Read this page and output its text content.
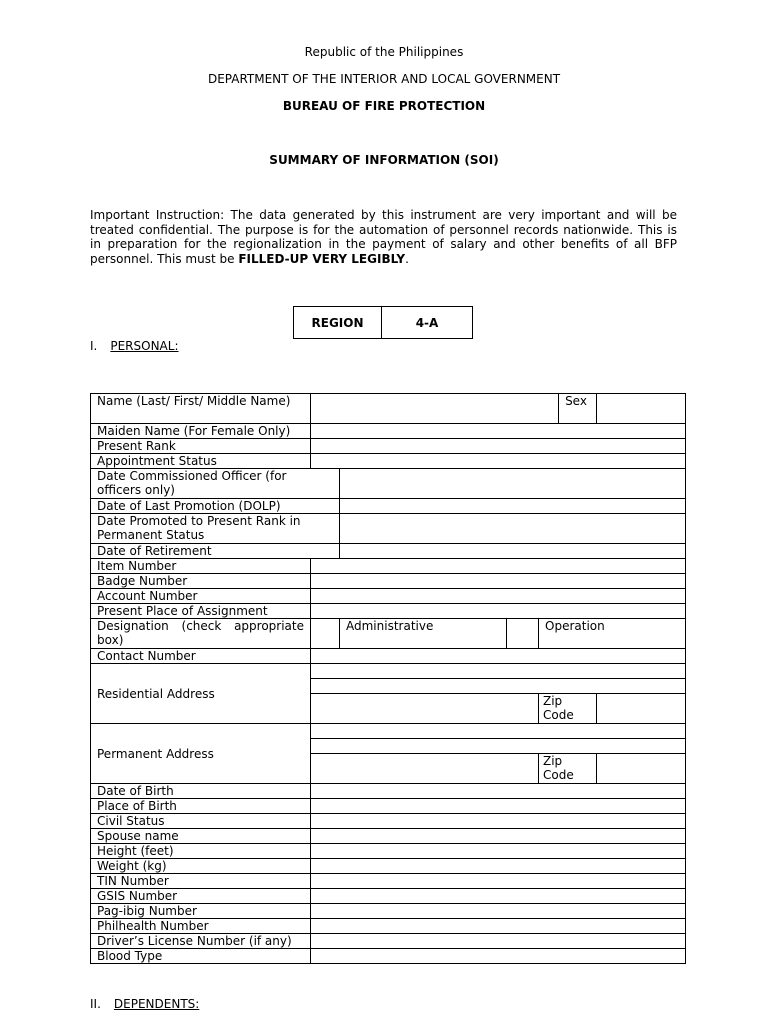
Republic of the Philippines
DEPARTMENT OF THE INTERIOR AND LOCAL GOVERNMENT
BUREAU OF FIRE PROTECTION
SUMMARY OF INFORMATION (SOI)
Important Instruction: The data generated by this instrument are very important and will be treated confidential. The purpose is for the automation of personnel records nationwide. This is in preparation for the regionalization in the payment of salary and other benefits of all BFP personnel. This must be FILLED-UP VERY LEGIBLY.
REGION	4-A
I. PERSONAL:
Name (Last/ First/ Middle Name)					Sex	
Maiden Name (For Female Only)						
Present Rank						
Appointment Status						
Date Commissioned Officer (for officers only)						
Date of Last Promotion (DOLP)						
Date Promoted to Present Rank in Permanent Status						
Date of Retirement						
Item Number						
Badge Number						
Account Number						
Present Place of Assignment						
Designation (check appropriate box)		Administrative		Operation		
Contact Number						
Residential Address						

				Zip Code		
Permanent Address						

				Zip Code		
Date of Birth						
Place of Birth						
Civil Status						
Spouse name						
Height (feet)						
Weight (kg)						
TIN Number						
GSIS Number						
Pag-ibig Number						
Philhealth Number						
Driver’s License Number (if any)						
Blood Type						
II. DEPENDENTS:
